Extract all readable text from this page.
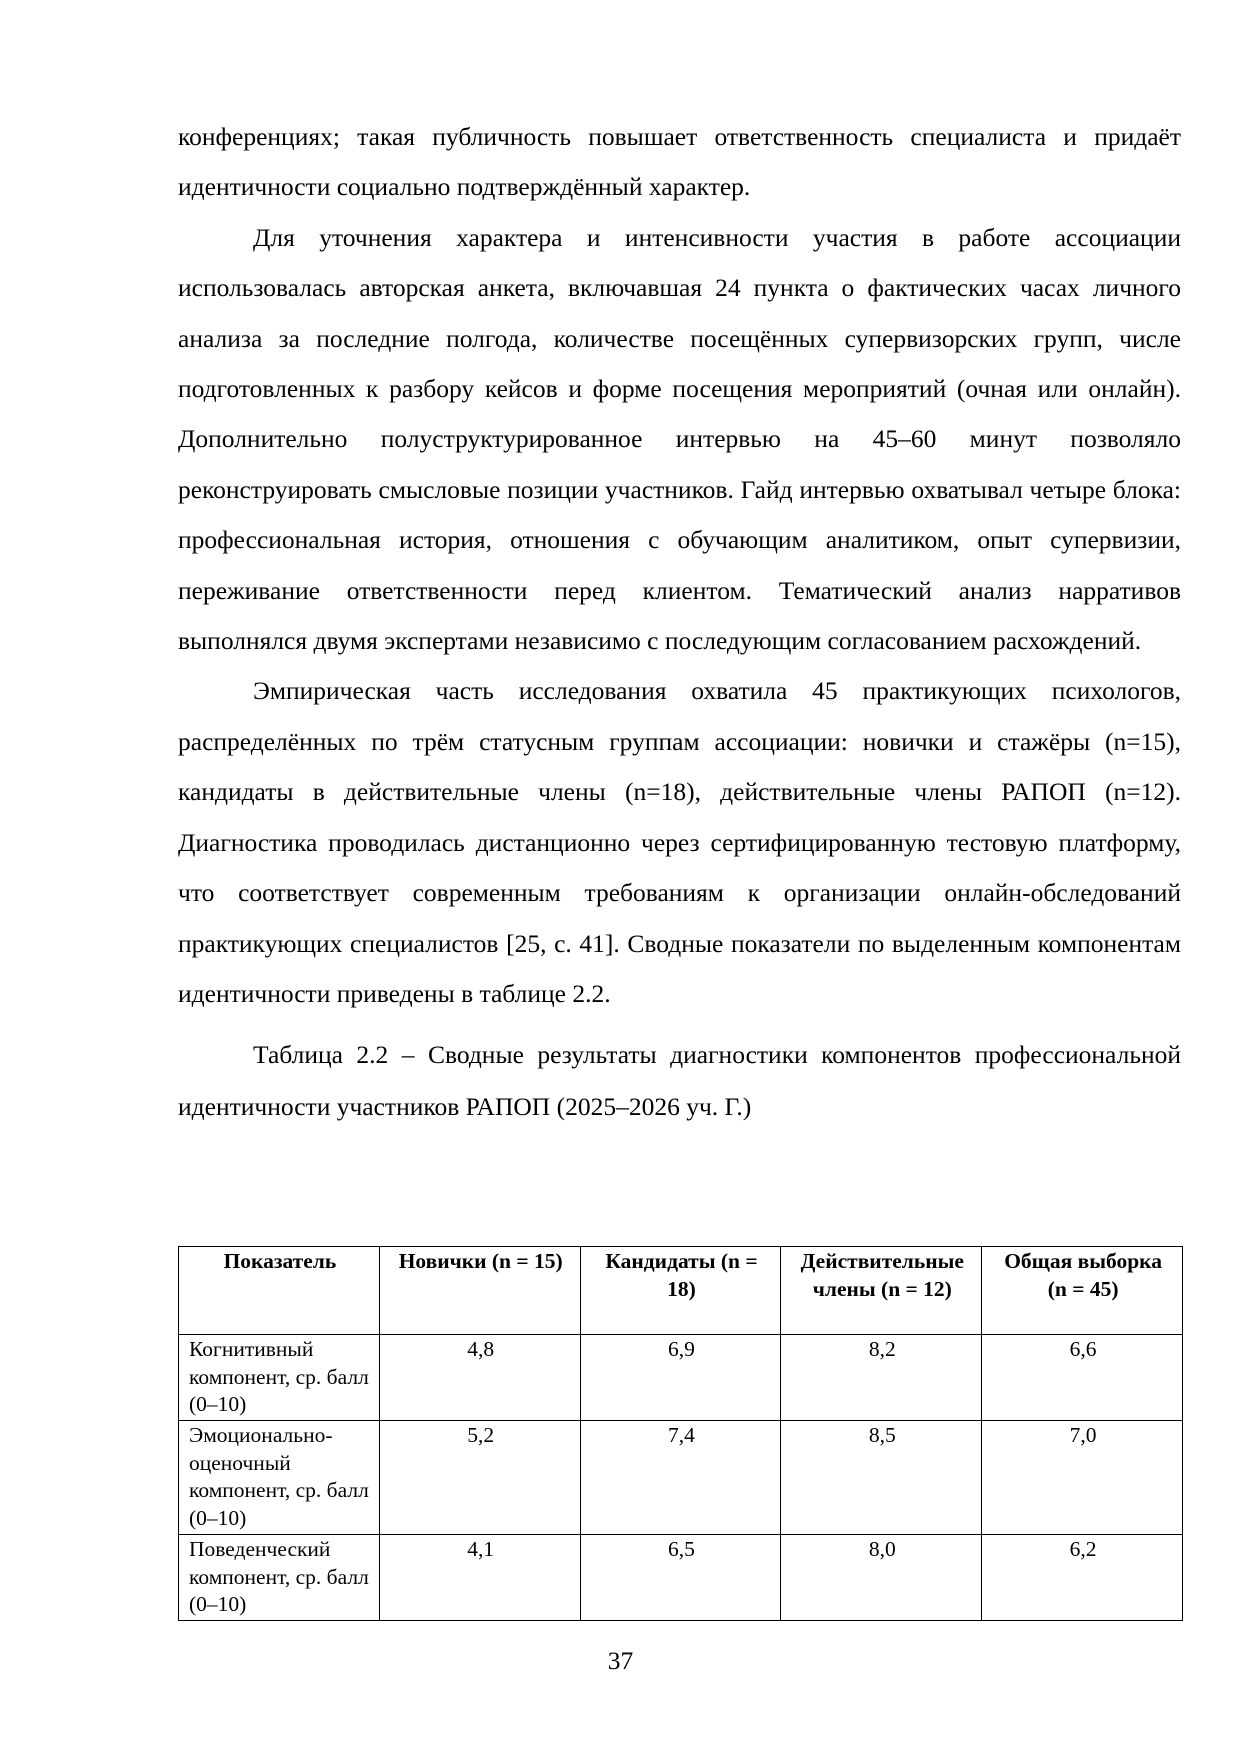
конференциях; такая публичность повышает ответственность специалиста и придаёт идентичности социально подтверждённый характер.

Для уточнения характера и интенсивности участия в работе ассоциации использовалась авторская анкета, включавшая 24 пункта о фактических часах личного анализа за последние полгода, количестве посещённых супервизорских групп, числе подготовленных к разбору кейсов и форме посещения мероприятий (очная или онлайн). Дополнительно полуструктурированное интервью на 45–60 минут позволяло реконструировать смысловые позиции участников. Гайд интервью охватывал четыре блока: профессиональная история, отношения с обучающим аналитиком, опыт супервизии, переживание ответственности перед клиентом. Тематический анализ нарративов выполнялся двумя экспертами независимо с последующим согласованием расхождений.

Эмпирическая часть исследования охватила 45 практикующих психологов, распределённых по трём статусным группам ассоциации: новички и стажёры (n=15), кандидаты в действительные члены (n=18), действительные члены РАПОП (n=12). Диагностика проводилась дистанционно через сертифицированную тестовую платформу, что соответствует современным требованиям к организации онлайн-обследований практикующих специалистов [25, с. 41]. Сводные показатели по выделенным компонентам идентичности приведены в таблице 2.2.

Таблица 2.2 – Сводные результаты диагностики компонентов профессиональной идентичности участников РАПОП (2025–2026 уч. Г.)

Показатель	Новички (n = 15)	Кандидаты (n = 18)	Действительные члены (n = 12)	Общая выборка (n = 45)
Когнитивный компонент, ср. балл (0–10)	4,8	6,9	8,2	6,6
Эмоционально-оценочный компонент, ср. балл (0–10)	5,2	7,4	8,5	7,0
Поведенческий компонент, ср. балл (0–10)	4,1	6,5	8,0	6,2
37
